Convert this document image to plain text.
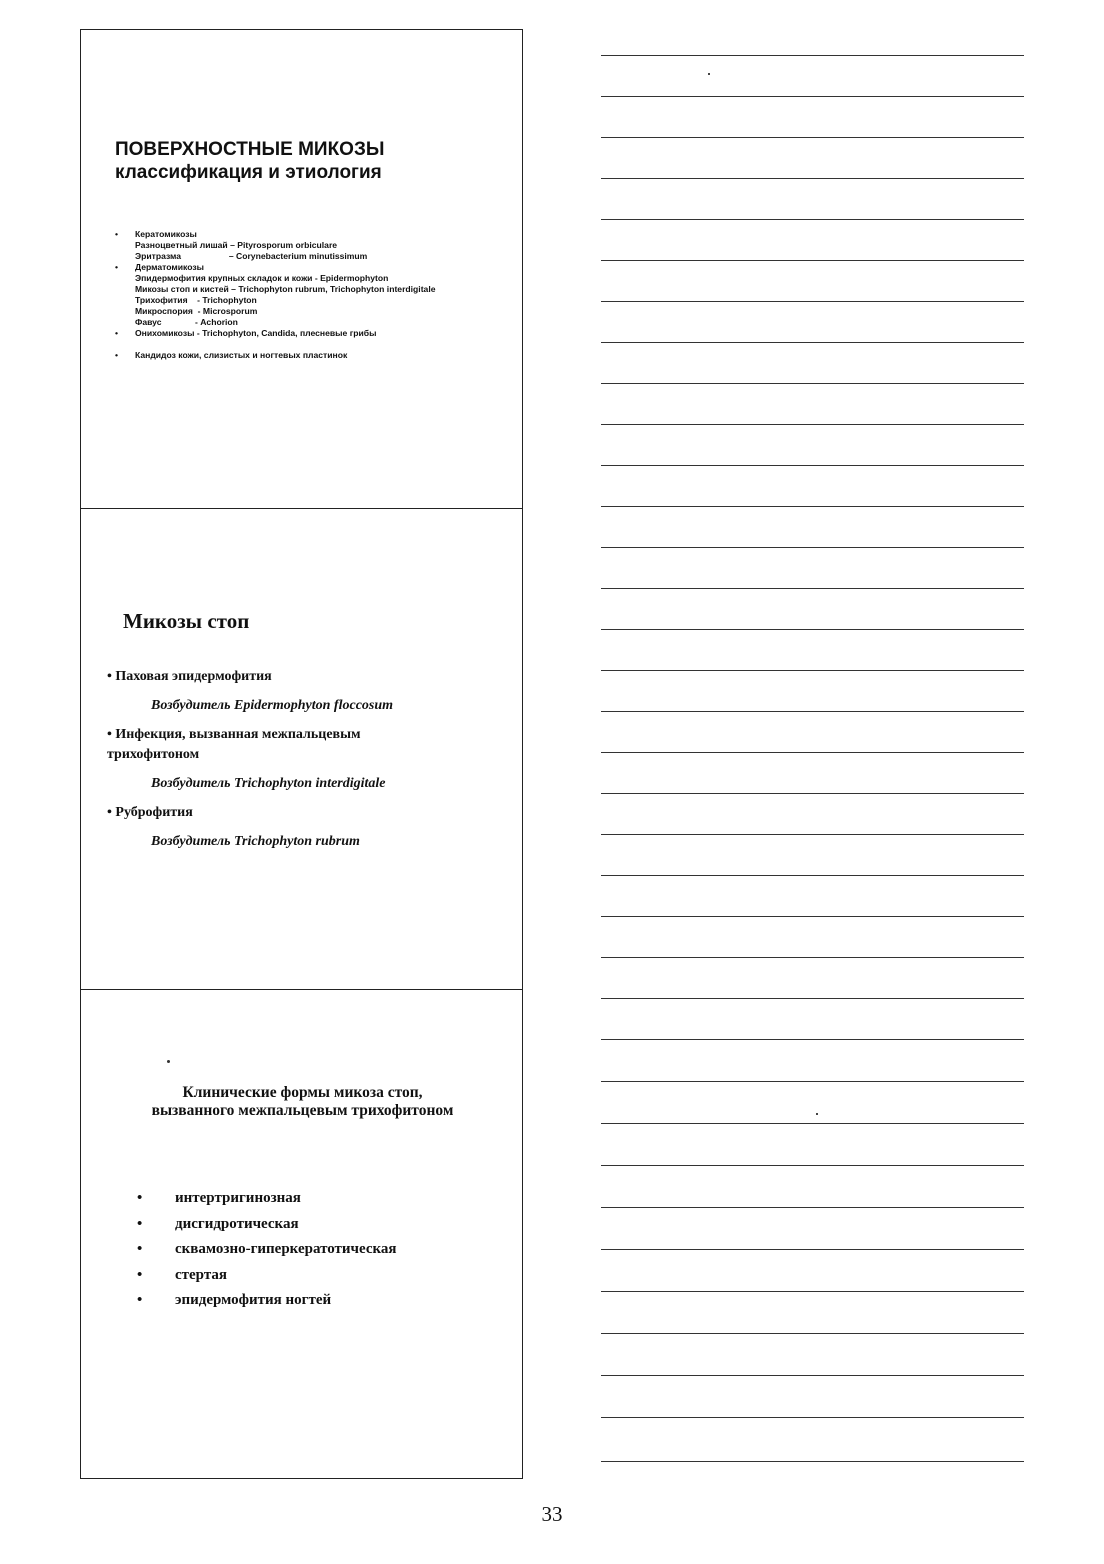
ПОВЕРХНОСТНЫЕ МИКОЗЫ
классификация и этиология
• Кератомикозы
Разноцветный лишай – Pityrosporum orbiculare
Эритразма                    – Corynebacterium minutissimum
• Дерматомикозы
Эпидермофития крупных складок и кожи - Epidermophyton
Микозы стоп и кистей – Trichophyton rubrum, Trichophyton interdigitale
Трихофития    - Trichophyton
Микроспория  - Microsporum
Фавус              - Achorion
• Онихомикозы - Trichophyton, Candida, плесневые грибы
• Кандидоз кожи, слизистых и ногтевых пластинок
Микозы стоп
• Паховая эпидермофития
Возбудитель Epidermophyton floccosum
• Инфекция, вызванная межпальцевым трихофитоном
Возбудитель Trichophyton interdigitale
• Руброфития
Возбудитель Trichophyton rubrum
Клинические формы микоза стоп,
вызванного межпальцевым трихофитоном
• интертригинозная
• дисгидротическая
• сквамозно-гиперкератотическая
• стертая
• эпидермофития ногтей
33
